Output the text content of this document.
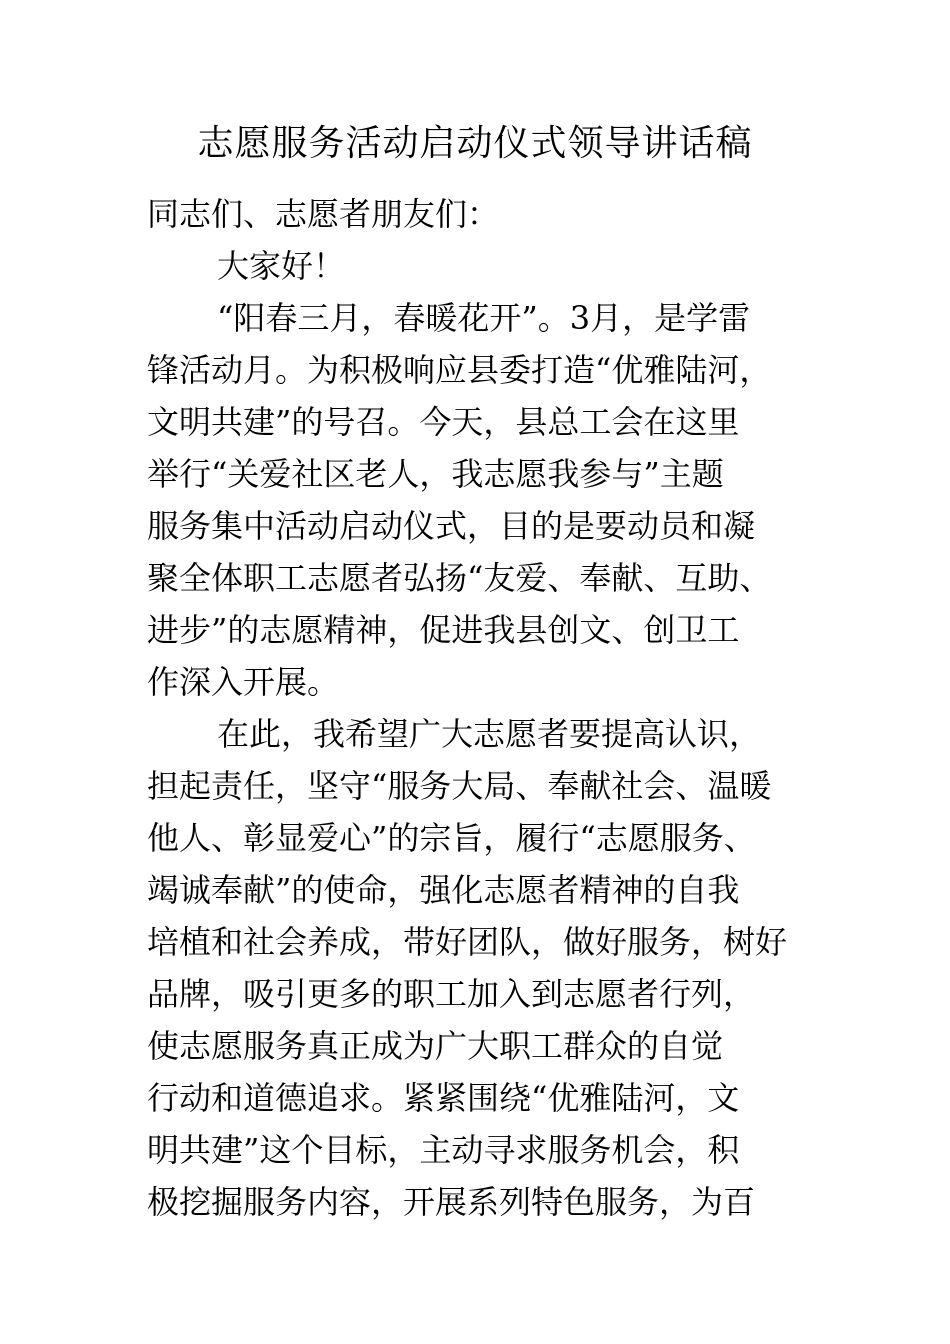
志愿服务活动启动仪式领导讲话稿
同志们、志愿者朋友们：
大家好！
“阳春三月，春暖花开”。3月，是学雷
锋活动月。为积极响应县委打造“优雅陆河，
文明共建”的号召。今天，县总工会在这里
举行“关爱社区老人，我志愿我参与”主题
服务集中活动启动仪式，目的是要动员和凝
聚全体职工志愿者弘扬“友爱、奉献、互助、
进步”的志愿精神，促进我县创文、创卫工
作深入开展。
在此，我希望广大志愿者要提高认识，
担起责任，坚守“服务大局、奉献社会、温暖
他人、彰显爱心”的宗旨，履行“志愿服务、
竭诚奉献”的使命，强化志愿者精神的自我
培植和社会养成，带好团队，做好服务，树好
品牌，吸引更多的职工加入到志愿者行列，
使志愿服务真正成为广大职工群众的自觉
行动和道德追求。紧紧围绕“优雅陆河，文
明共建”这个目标，主动寻求服务机会，积
极挖掘服务内容，开展系列特色服务，为百
